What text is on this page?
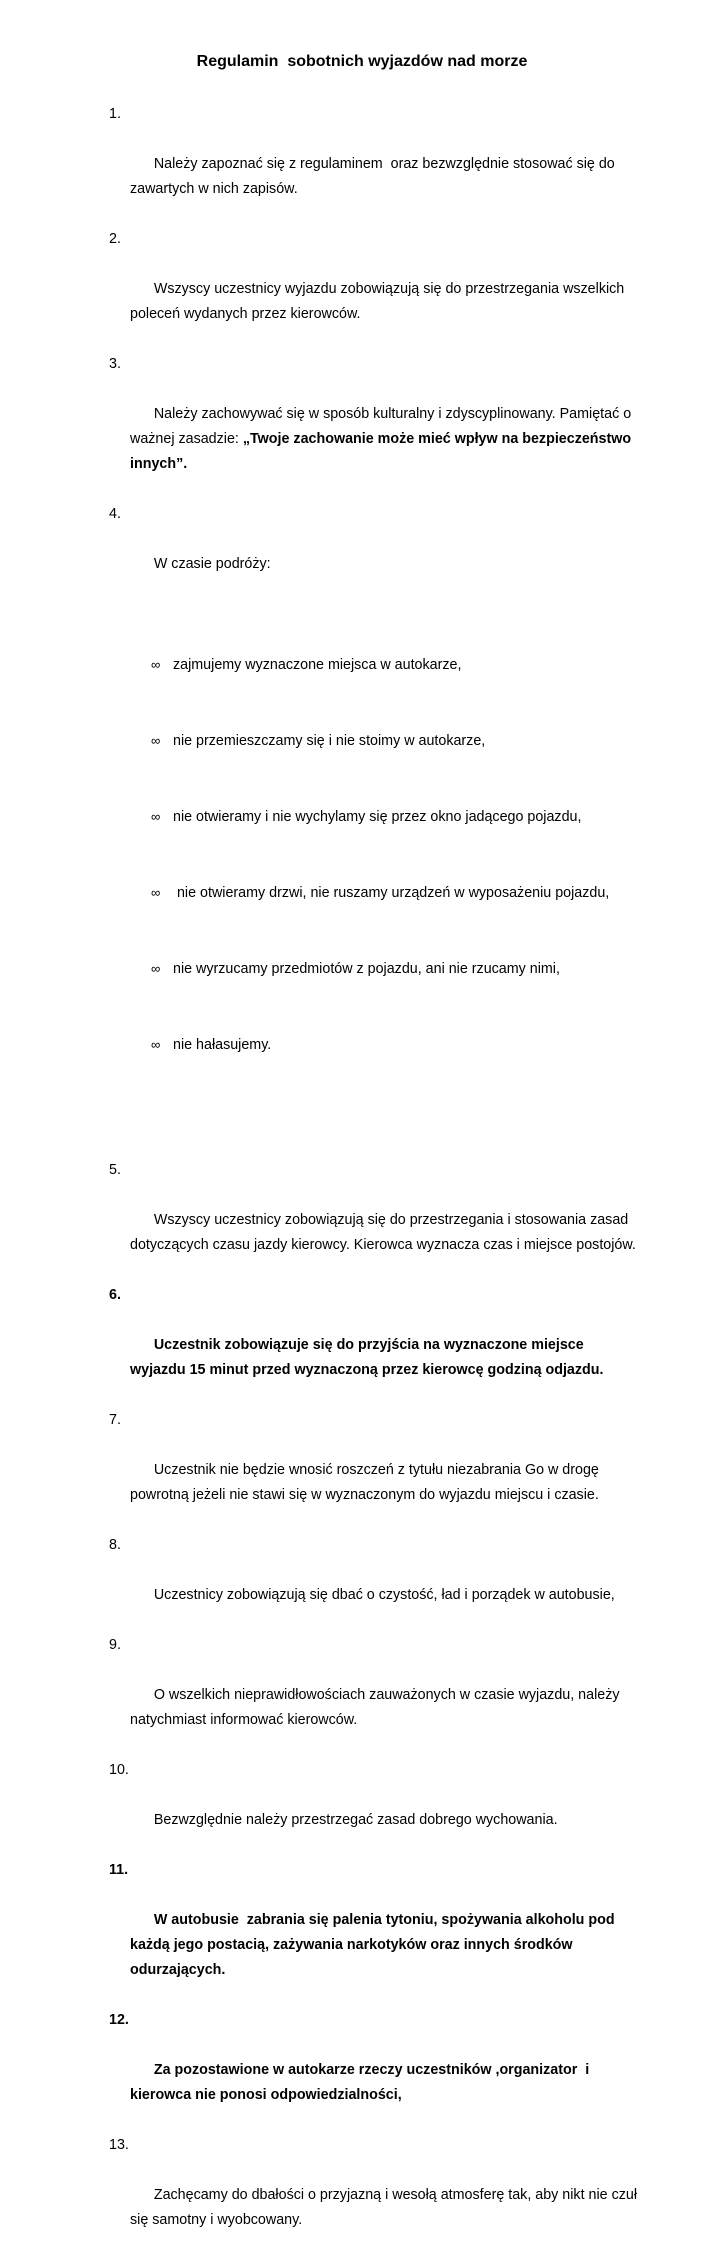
Regulamin  sobotnich wyjazdów nad morze

1.

Należy zapoznać się z regulaminem  oraz bezwzględnie stosować się do zawartych w nich zapisów.

2.

Wszyscy uczestnicy wyjazdu zobowiązują się do przestrzegania wszelkich poleceń wydanych przez kierowców.

3.

Należy zachowywać się w sposób kulturalny i zdyscyplinowany. Pamiętać o ważnej zasadzie: „Twoje zachowanie może mieć wpływ na bezpieczeństwo innych”.

4.

W czasie podróży:

∞ zajmujemy wyznaczone miejsca w autokarze,

∞ nie przemieszczamy się i nie stoimy w autokarze,

∞ nie otwieramy i nie wychylamy się przez okno jadącego pojazdu,

∞ nie otwieramy drzwi, nie ruszamy urządzeń w wyposażeniu pojazdu,

∞ nie wyrzucamy przedmiotów z pojazdu, ani nie rzucamy nimi,

∞ nie hałasujemy.

5.

Wszyscy uczestnicy zobowiązują się do przestrzegania i stosowania zasad dotyczących czasu jazdy kierowcy. Kierowca wyznacza czas i miejsce postojów.

6.

Uczestnik zobowiązuje się do przyjścia na wyznaczone miejsce wyjazdu 15 minut przed wyznaczoną przez kierowcę godziną odjazdu.

7.

Uczestnik nie będzie wnosić roszczeń z tytułu niezabrania Go w drogę powrotną jeżeli nie stawi się w wyznaczonym do wyjazdu miejscu i czasie.

8.

Uczestnicy zobowiązują się dbać o czystość, ład i porządek w autobusie,

9.

O wszelkich nieprawidłowościach zauważonych w czasie wyjazdu, należy natychmiast informować kierowców.

10.

Bezwzględnie należy przestrzegać zasad dobrego wychowania.

11.

W autobusie  zabrania się palenia tytoniu, spożywania alkoholu pod każdą jego postacią, zażywania narkotyków oraz innych środków odurzających.

12.

Za pozostawione w autokarze rzeczy uczestników ,organizator  i kierowca nie ponosi odpowiedzialności,

13.

Zachęcamy do dbałości o przyjazną i wesołą atmosferę tak, aby nikt nie czuł się samotny i wyobcowany.
